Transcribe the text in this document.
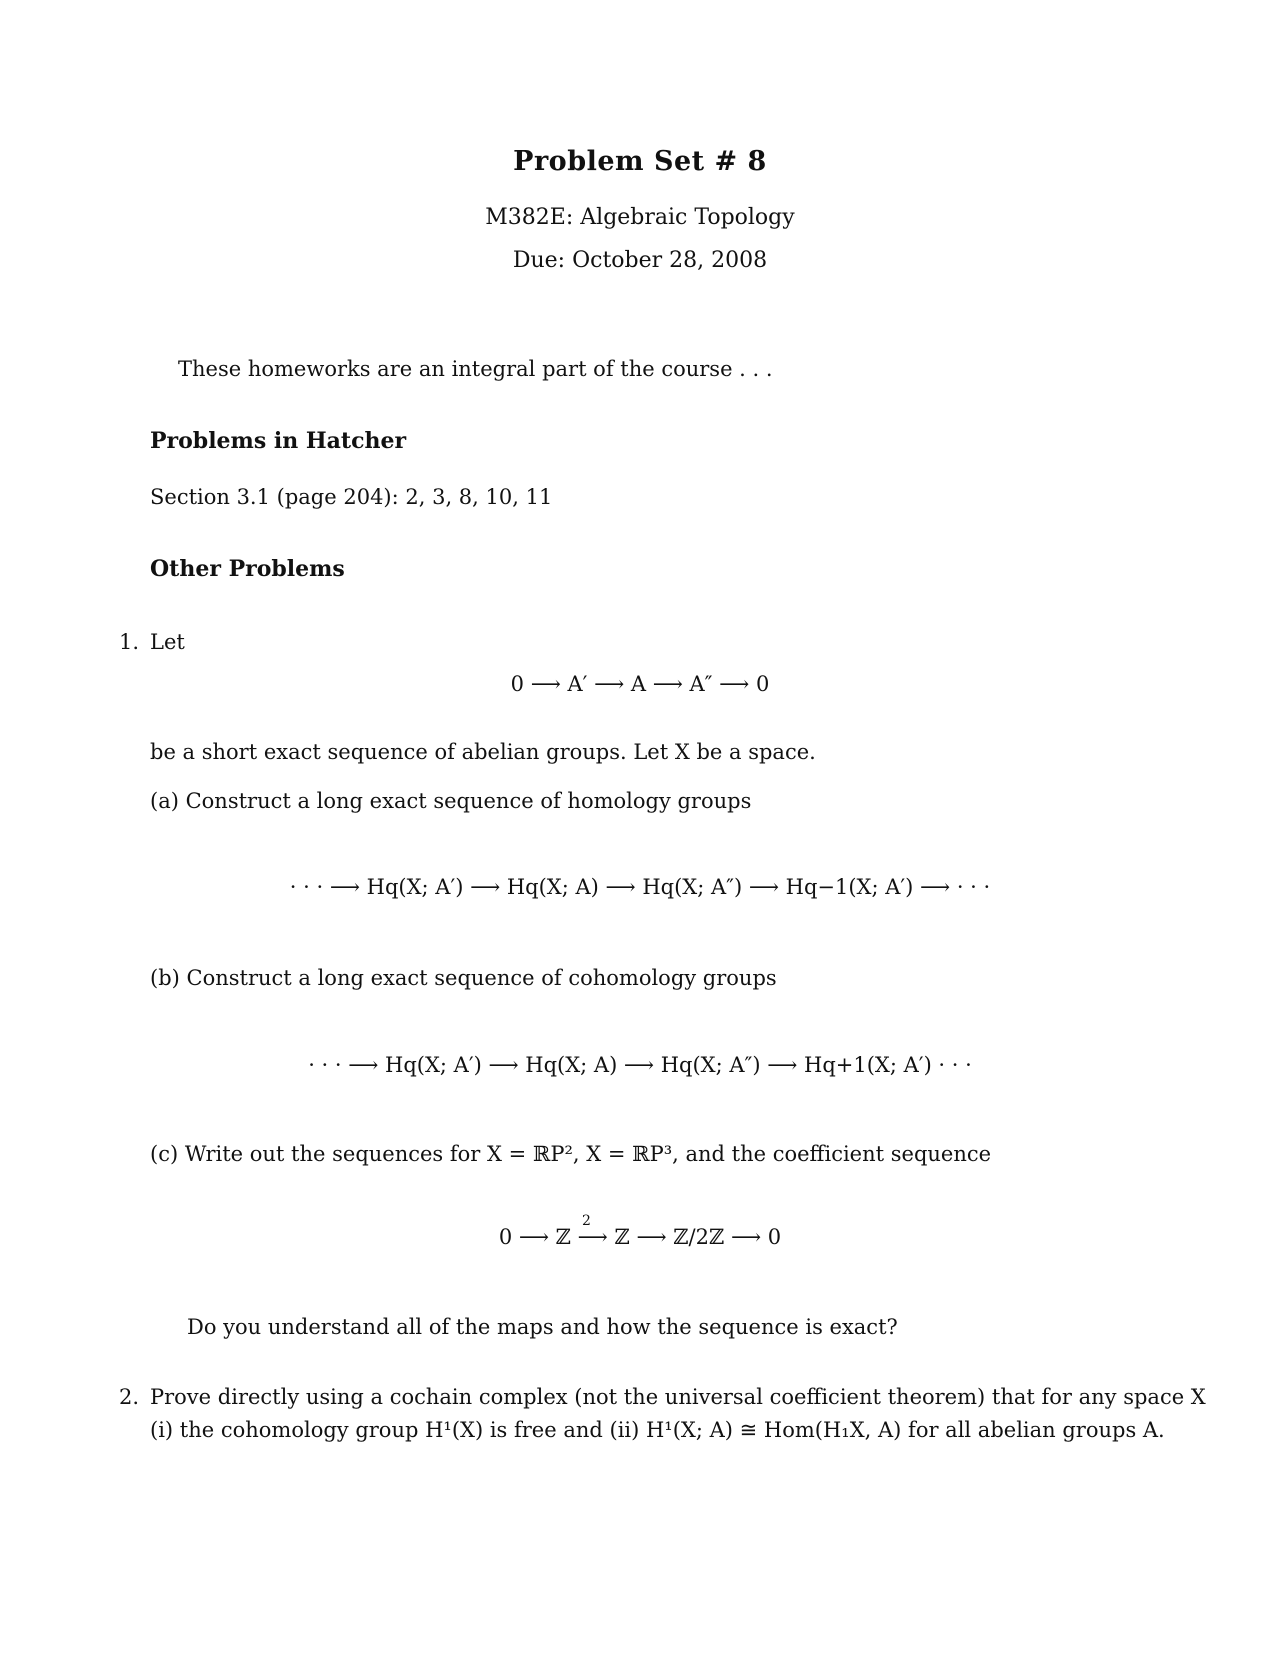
Problem Set # 8
M382E: Algebraic Topology
Due: October 28, 2008
These homeworks are an integral part of the course . . .
Problems in Hatcher
Section 3.1 (page 204): 2, 3, 8, 10, 11
Other Problems
1. Let
0 ⟶ A′ ⟶ A ⟶ A″ ⟶ 0
be a short exact sequence of abelian groups. Let X be a space.
(a) Construct a long exact sequence of homology groups
· · · ⟶ Hq(X; A′) ⟶ Hq(X; A) ⟶ Hq(X; A″) ⟶ Hq−1(X; A′) ⟶ · · ·
(b) Construct a long exact sequence of cohomology groups
· · · ⟶ Hq(X; A′) ⟶ Hq(X; A) ⟶ Hq(X; A″) ⟶ Hq+1(X; A′) · · ·
(c) Write out the sequences for X = ℝP², X = ℝP³, and the coefficient sequence
0 ⟶ ℤ ⟶ ℤ ⟶ ℤ/2ℤ ⟶ 0
2
Do you understand all of the maps and how the sequence is exact?
2. Prove directly using a cochain complex (not the universal coefficient theorem) that for any space X
(i) the cohomology group H¹(X) is free and (ii) H¹(X; A) ≅ Hom(H₁X, A) for all abelian groups A.
